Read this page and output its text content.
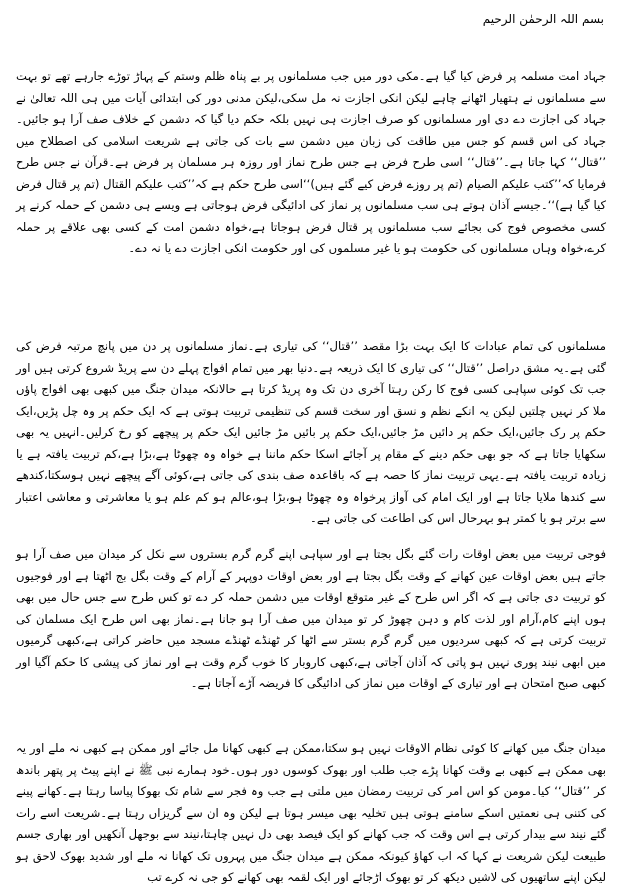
بسم اللہ الرحمٰن الرحیم

جہاد امت مسلمہ پر فرض کیا گیا ہے۔مکی دور میں جب مسلمانوں پر بے پناہ ظلم وستم کے پہاڑ توڑے جارہے تھے تو بہت سے مسلمانوں نے ہتھیار اٹھانے چاہے لیکن انکی اجازت نہ مل سکی،لیکن مدنی دور کی ابتدائی آیات میں ہی اللہ تعالیٰ نے جہاد کی اجازت دے دی اور مسلمانوں کو صرف اجازت ہی نہیں بلکہ حکم دیا گیا کہ دشمن کے خلاف صف آرا ہو جائیں۔جہاد کی اس قسم کو جس میں طاقت کی زبان میں دشمن سے بات کی جاتی ہے شریعت اسلامی کی اصطلاح میں ’’قتال‘‘ کہا جاتا ہے۔’’قتال‘‘ اسی طرح فرض ہے جس طرح نماز اور روزہ ہر مسلمان پر فرض ہے۔قرآن نے جس طرح فرمایا کہ’’کتب علیکم الصیام (تم پر روزے فرض کیے گئے ہیں)‘‘اسی طرح حکم ہے کہ’’کتب علیکم القتال (تم پر قتال فرض کیا گیا ہے)‘‘۔جیسے آذان ہوتے ہی سب مسلمانوں پر نماز کی ادائیگی فرض ہوجاتی ہے ویسے ہی دشمن کے حملہ کرنے پر کسی مخصوص فوج کی بجائے سب مسلمانوں پر قتال فرض ہوجاتا ہے،خواہ دشمن امت کے کسی بھی علاقے پر حملہ کرے،خواہ وہاں مسلمانوں کی حکومت ہو یا غیر مسلموں کی اور حکومت انکی اجازت دے یا نہ دے۔

مسلمانوں کی تمام عبادات کا ایک بہت بڑا مقصد ’’قتال‘‘ کی تیاری ہے۔نماز مسلمانوں پر دن میں پانچ مرتبہ فرض کی گئی ہے۔یہ مشق دراصل ’’قتال‘‘ کی تیاری کا ایک ذریعہ ہے۔دنیا بھر میں تمام افواج پہلے دن سے پریڈ شروع کرتی ہیں اور جب تک کوئی سپاہی کسی فوج کا رکن رہتا آخری دن تک وہ پریڈ کرتا ہے حالانکہ میدان جنگ میں کبھی بھی افواج پاؤں ملا کر نہیں چلتیں لیکن یہ انکے نظم و نسق اور سخت قسم کی تنظیمی تربیت ہوتی ہے کہ ایک حکم پر وہ چل پڑیں،ایک حکم پر رک جائیں،ایک حکم پر دائیں مڑ جائیں،ایک حکم پر بائیں مڑ جائیں ایک حکم پر پیچھے کو رخ کرلیں۔انہیں یہ بھی سکھایا جاتا ہے کہ جو بھی حکم دینے کے مقام پر آجائے اسکا حکم ماننا ہے خواہ وہ چھوٹا ہے،بڑا ہے،کم تربیت یافتہ ہے یا زیادہ تربیت یافتہ ہے۔یہی تربیت نماز کا حصہ ہے کہ باقاعدہ صف بندی کی جاتی ہے،کوئی آگے پیچھے نہیں ہوسکتا،کندھے سے کندھا ملایا جاتا ہے اور ایک امام کی آواز پرخواہ وہ چھوٹا ہو،بڑا ہو،عالم ہو کم علم ہو یا معاشرتی و معاشی اعتبار سے برتر ہو یا کمتر ہو بہرحال اس کی اطاعت کی جاتی ہے۔

فوجی تربیت میں بعض اوقات رات گئے بگل بجتا ہے اور سپاہی اپنے گرم گرم بستروں سے نکل کر میدان میں صف آرا ہو جاتے ہیں بعض اوقات عین کھانے کے وقت بگل بجتا ہے اور بعض اوقات دوپہر کے آرام کے وقت بگل بج اٹھتا ہے اور فوجیوں کو تربیت دی جاتی ہے کہ اگر اس طرح کے غیر متوقع اوقات میں دشمن حملہ کر دے تو کس طرح سے جس حال میں بھی ہوں اپنے کام،آرام اور لذت کام و دہن چھوڑ کر تو میدان میں صف آرا ہو جانا ہے۔نماز بھی اس طرح ایک مسلمان کی تربیت کرتی ہے کہ کبھی سردیوں میں گرم گرم بستر سے اٹھا کر ٹھنڈے ٹھنڈے مسجد میں حاضر کراتی ہے،کبھی گرمیوں میں ابھی نیند پوری نہیں ہو پاتی کہ آذان آجاتی ہے،کبھی کاروبار کا خوب گرم وقت ہے اور نماز کی پیشی کا حکم آگیا اور کبھی صبح امتحان ہے اور تیاری کے اوقات میں نماز کی ادائیگی کا فریضہ آڑے آجاتا ہے۔

میدان جنگ میں کھانے کا کوئی نظام الاوقات نہیں ہو سکتا،ممکن ہے کبھی کھانا مل جائے اور ممکن ہے کبھی نہ ملے اور یہ بھی ممکن ہے کبھی بے وقت کھانا پڑے جب طلب اور بھوک کوسوں دور ہوں۔خود ہمارے نبی ﷺ نے اپنے پیٹ پر پتھر باندھ کر ’’قتال‘‘ کیا۔مومن کو اس امر کی تربیت رمضان میں ملتی ہے جب وہ فجر سے شام تک بھوکا پیاسا رہتا ہے۔کھانے پینے کی کتنی ہی نعمتیں اسکے سامنے ہوتی ہیں تخلیہ بھی میسر ہوتا ہے لیکن وہ ان سے گریزاں رہتا ہے۔شریعت اسے رات گئے نیند سے بیدار کرتی ہے اس وقت کہ جب کھانے کو ایک فیصد بھی دل نہیں چاہتا،نیند سے بوجھل آنکھیں اور بھاری جسم طبیعت لیکن شریعت نے کہا کہ اب کھاؤ کیونکہ ممکن ہے میدان جنگ میں پہروں تک کھانا نہ ملے اور شدید بھوک لاحق ہو لیکن اپنے ساتھیوں کی لاشیں دیکھ کر تو بھوک اڑجائے اور ایک لقمہ بھی کھانے کو جی نہ کرے تب
